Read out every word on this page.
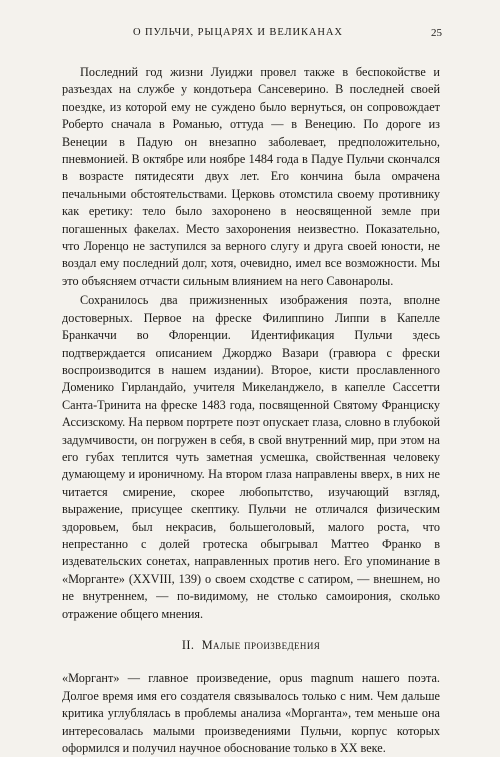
О ПУЛЬЧИ, РЫЦАРЯХ И ВЕЛИКАНАХ	25

Последний год жизни Луиджи провел также в беспокойстве и разъездах на службе у кондотьера Сансеверино. В последней своей поездке, из которой ему не суждено было вернуться, он сопровождает Роберто сначала в Романью, оттуда — в Венецию. По дороге из Венеции в Падую он внезапно заболевает, предположительно, пневмонией. В октябре или ноябре 1484 года в Падуе Пульчи скончался в возрасте пятидесяти двух лет. Его кончина была омрачена печальными обстоятельствами. Церковь отомстила своему противнику как еретику: тело было захоронено в неосвященной земле при погашенных факелах. Место захоронения неизвестно. Показательно, что Лоренцо не заступился за верного слугу и друга своей юности, не воздал ему последний долг, хотя, очевидно, имел все возможности. Мы это объясняем отчасти сильным влиянием на него Савонаролы.

Сохранилось два прижизненных изображения поэта, вполне достоверных. Первое на фреске Филиппино Липпи в Капелле Бранкаччи во Флоренции. Идентификация Пульчи здесь подтверждается описанием Джорджо Вазари (гравюра с фрески воспроизводится в нашем издании). Второе, кисти прославленного Доменико Гирландайо, учителя Микеланджело, в капелле Сассетти Санта-Тринита на фреске 1483 года, посвященной Святому Франциску Ассизскому. На первом портрете поэт опускает глаза, словно в глубокой задумчивости, он погружен в себя, в свой внутренний мир, при этом на его губах теплится чуть заметная усмешка, свойственная человеку думающему и ироничному. На втором глаза направлены вверх, в них не читается смирение, скорее любопытство, изучающий взгляд, выражение, присущее скептику. Пульчи не отличался физическим здоровьем, был некрасив, большеголовый, малого роста, что непрестанно с долей гротеска обыгрывал Маттео Франко в издевательских сонетах, направленных против него. Его упоминание в «Морганте» (XXVIII, 139) о своем сходстве с сатиром, — внешнем, но не внутреннем, — по-видимому, не столько самоирония, сколько отражение общего мнения.

II. Малые произведения

«Моргант» — главное произведение, opus magnum нашего поэта. Долгое время имя его создателя связывалось только с ним. Чем дальше критика углублялась в проблемы анализа «Морганта», тем меньше она интересовалась малыми произведениями Пульчи, корпус которых оформился и получил научное обоснование только в XX веке.
